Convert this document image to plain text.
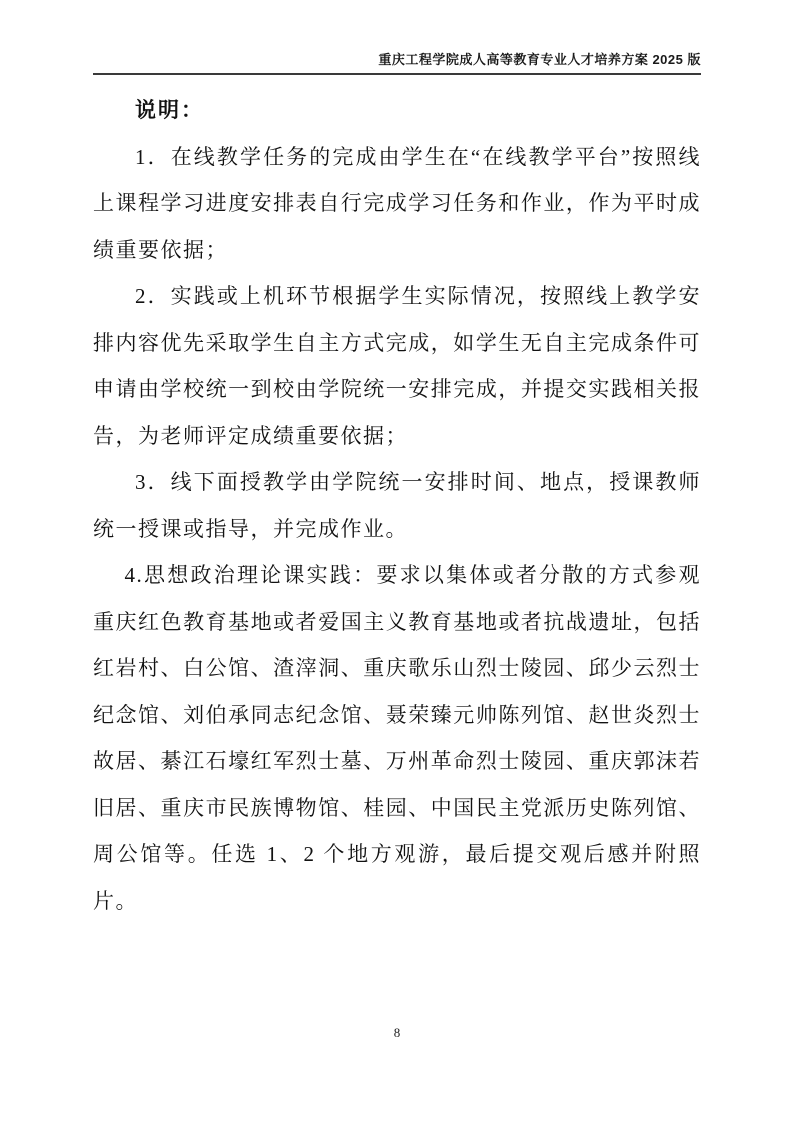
重庆工程学院成人高等教育专业人才培养方案 2025 版
说明：

1．在线教学任务的完成由学生在“在线教学平台”按照线上课程学习进度安排表自行完成学习任务和作业，作为平时成绩重要依据；

2．实践或上机环节根据学生实际情况，按照线上教学安排内容优先采取学生自主方式完成，如学生无自主完成条件可申请由学校统一到校由学院统一安排完成，并提交实践相关报告，为老师评定成绩重要依据；

3．线下面授教学由学院统一安排时间、地点，授课教师统一授课或指导，并完成作业。

4.思想政治理论课实践：要求以集体或者分散的方式参观重庆红色教育基地或者爱国主义教育基地或者抗战遗址，包括红岩村、白公馆、渣滓洞、重庆歌乐山烈士陵园、邱少云烈士纪念馆、刘伯承同志纪念馆、聂荣臻元帅陈列馆、赵世炎烈士故居、綦江石壕红军烈士墓、万州革命烈士陵园、重庆郭沫若旧居、重庆市民族博物馆、桂园、中国民主党派历史陈列馆、周公馆等。任选 1、2 个地方观游，最后提交观后感并附照片。

8
